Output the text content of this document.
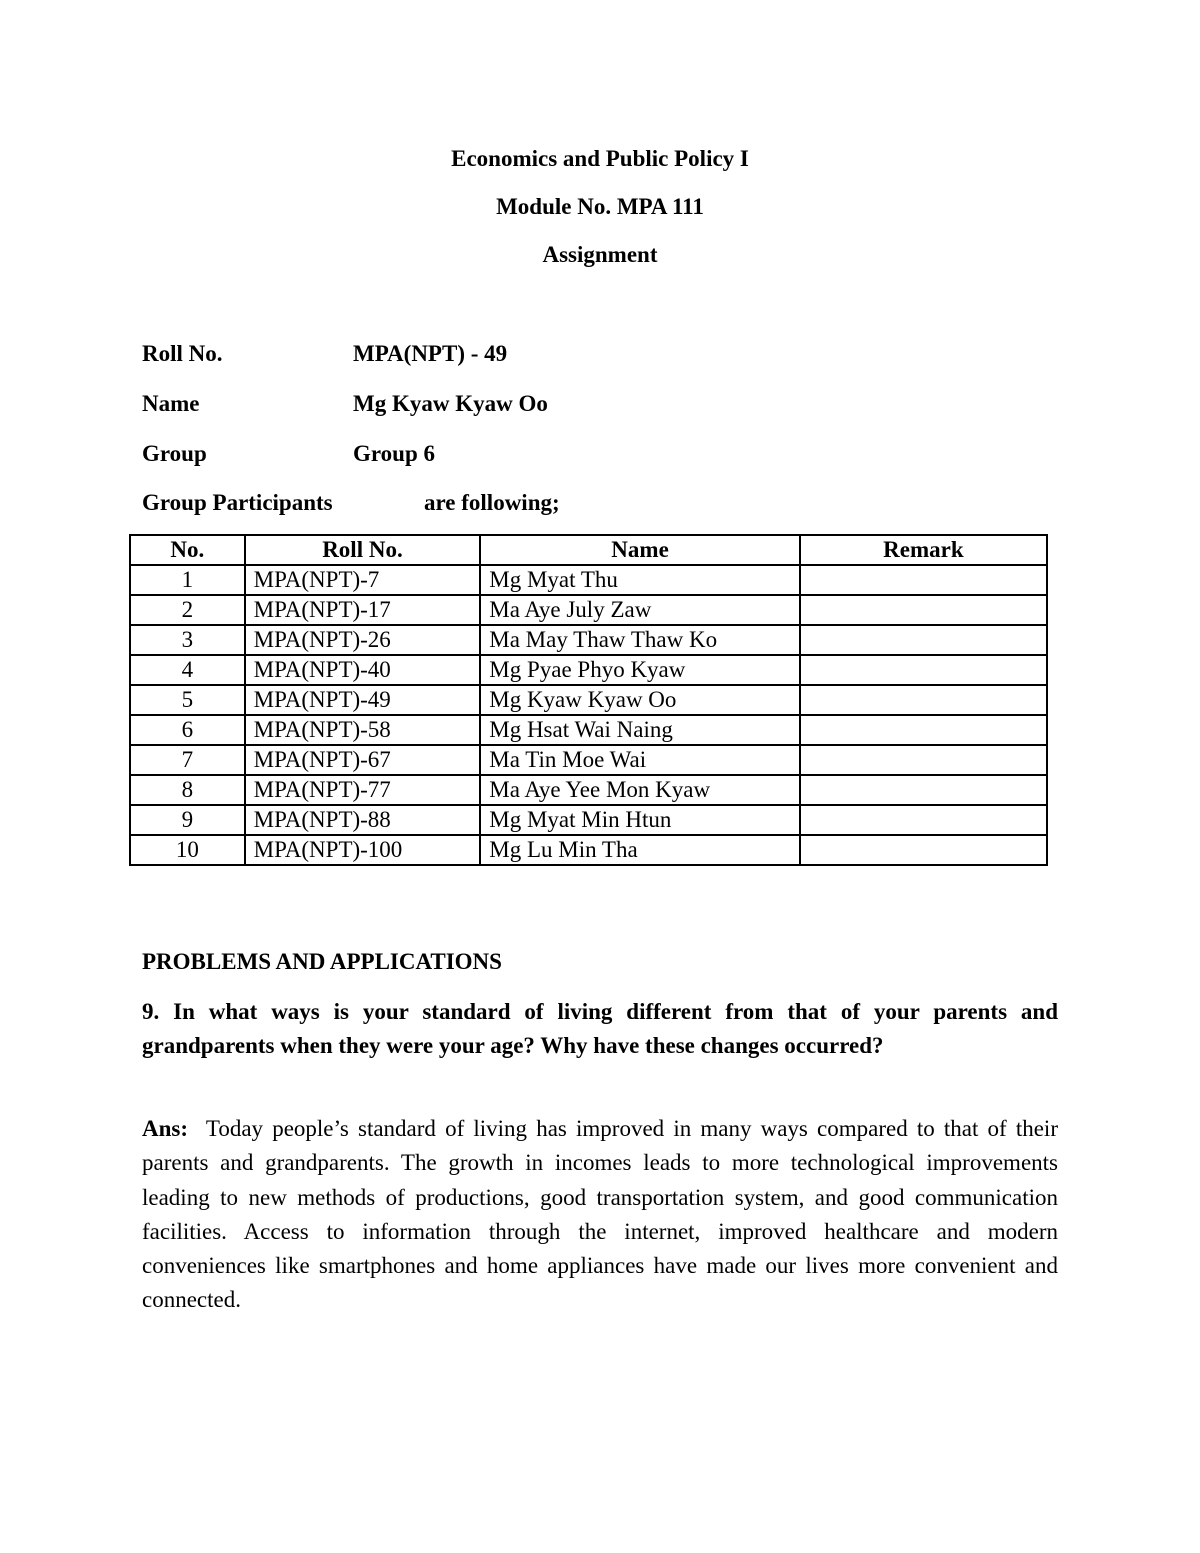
Economics and Public Policy I
Module No. MPA 111
Assignment
Roll No.	MPA(NPT) - 49
Name	Mg Kyaw Kyaw Oo
Group	Group 6
Group Participants	are following;
No.	Roll No.	Name	Remark
1	MPA(NPT)-7	Mg Myat Thu	
2	MPA(NPT)-17	Ma Aye July Zaw	
3	MPA(NPT)-26	Ma May Thaw Thaw Ko	
4	MPA(NPT)-40	Mg Pyae Phyo Kyaw	
5	MPA(NPT)-49	Mg Kyaw Kyaw Oo	
6	MPA(NPT)-58	Mg Hsat Wai Naing	
7	MPA(NPT)-67	Ma Tin Moe Wai	
8	MPA(NPT)-77	Ma Aye Yee Mon Kyaw	
9	MPA(NPT)-88	Mg Myat Min Htun	
10	MPA(NPT)-100	Mg Lu Min Tha	
PROBLEMS AND APPLICATIONS
9. In what ways is your standard of living different from that of your parents and grandparents when they were your age? Why have these changes occurred?
Ans: Today people’s standard of living has improved in many ways compared to that of their parents and grandparents. The growth in incomes leads to more technological improvements leading to new methods of productions, good transportation system, and good communication facilities. Access to information through the internet, improved healthcare and modern conveniences like smartphones and home appliances have made our lives more convenient and connected.
